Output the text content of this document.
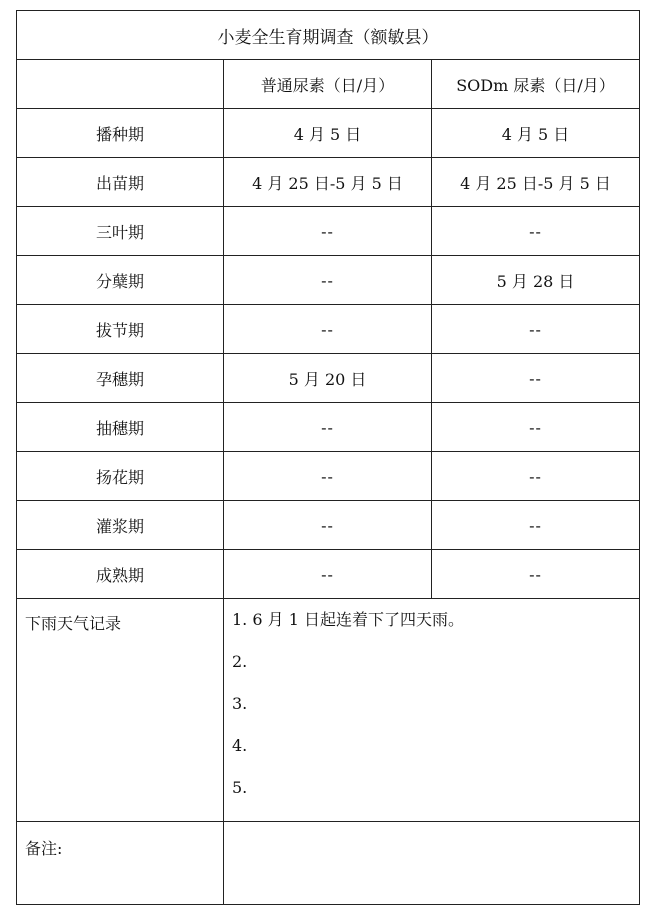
小麦全生育期调查（额敏县）		
	普通尿素（日/月）	SODm 尿素（日/月）
播种期	4 月 5 日	4 月 5 日
出苗期	4 月 25 日-5 月 5 日	4 月 25 日-5 月 5 日
三叶期	--	--
分蘖期	--	5 月 28 日
拔节期	--	--
孕穗期	5 月 20 日	--
抽穗期	--	--
扬花期	--	--
灌浆期	--	--
成熟期	--	--
下雨天气记录	1. 6 月 1 日起连着下了四天雨。
2.
3.
4.
5.	

备注:		
